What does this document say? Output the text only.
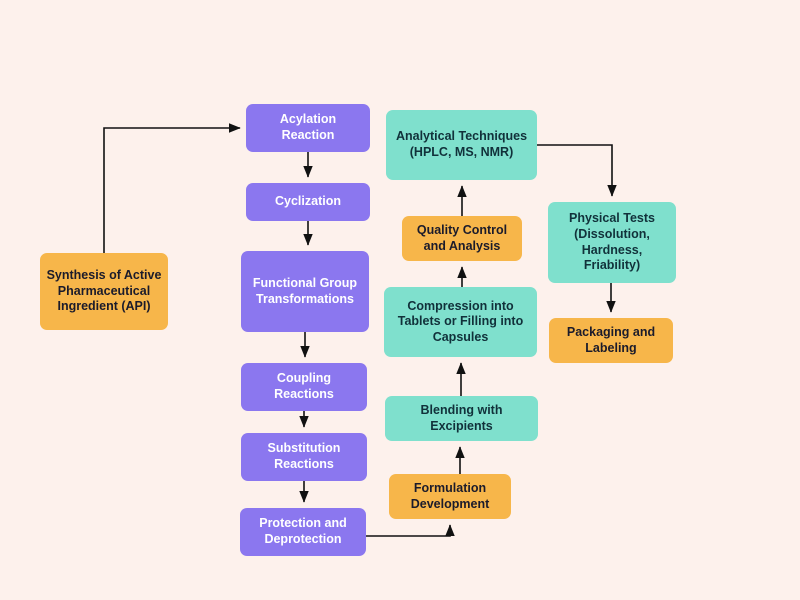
Synthesis of Active Pharmaceutical Ingredient (API)
Acylation Reaction
Cyclization
Functional Group Transformations
Coupling Reactions
Substitution Reactions
Protection and Deprotection
Formulation Development
Blending with Excipients
Compression into Tablets or Filling into Capsules
Quality Control and Analysis
Analytical Techniques (HPLC, MS, NMR)
Physical Tests (Dissolution, Hardness, Friability)
Packaging and Labeling
